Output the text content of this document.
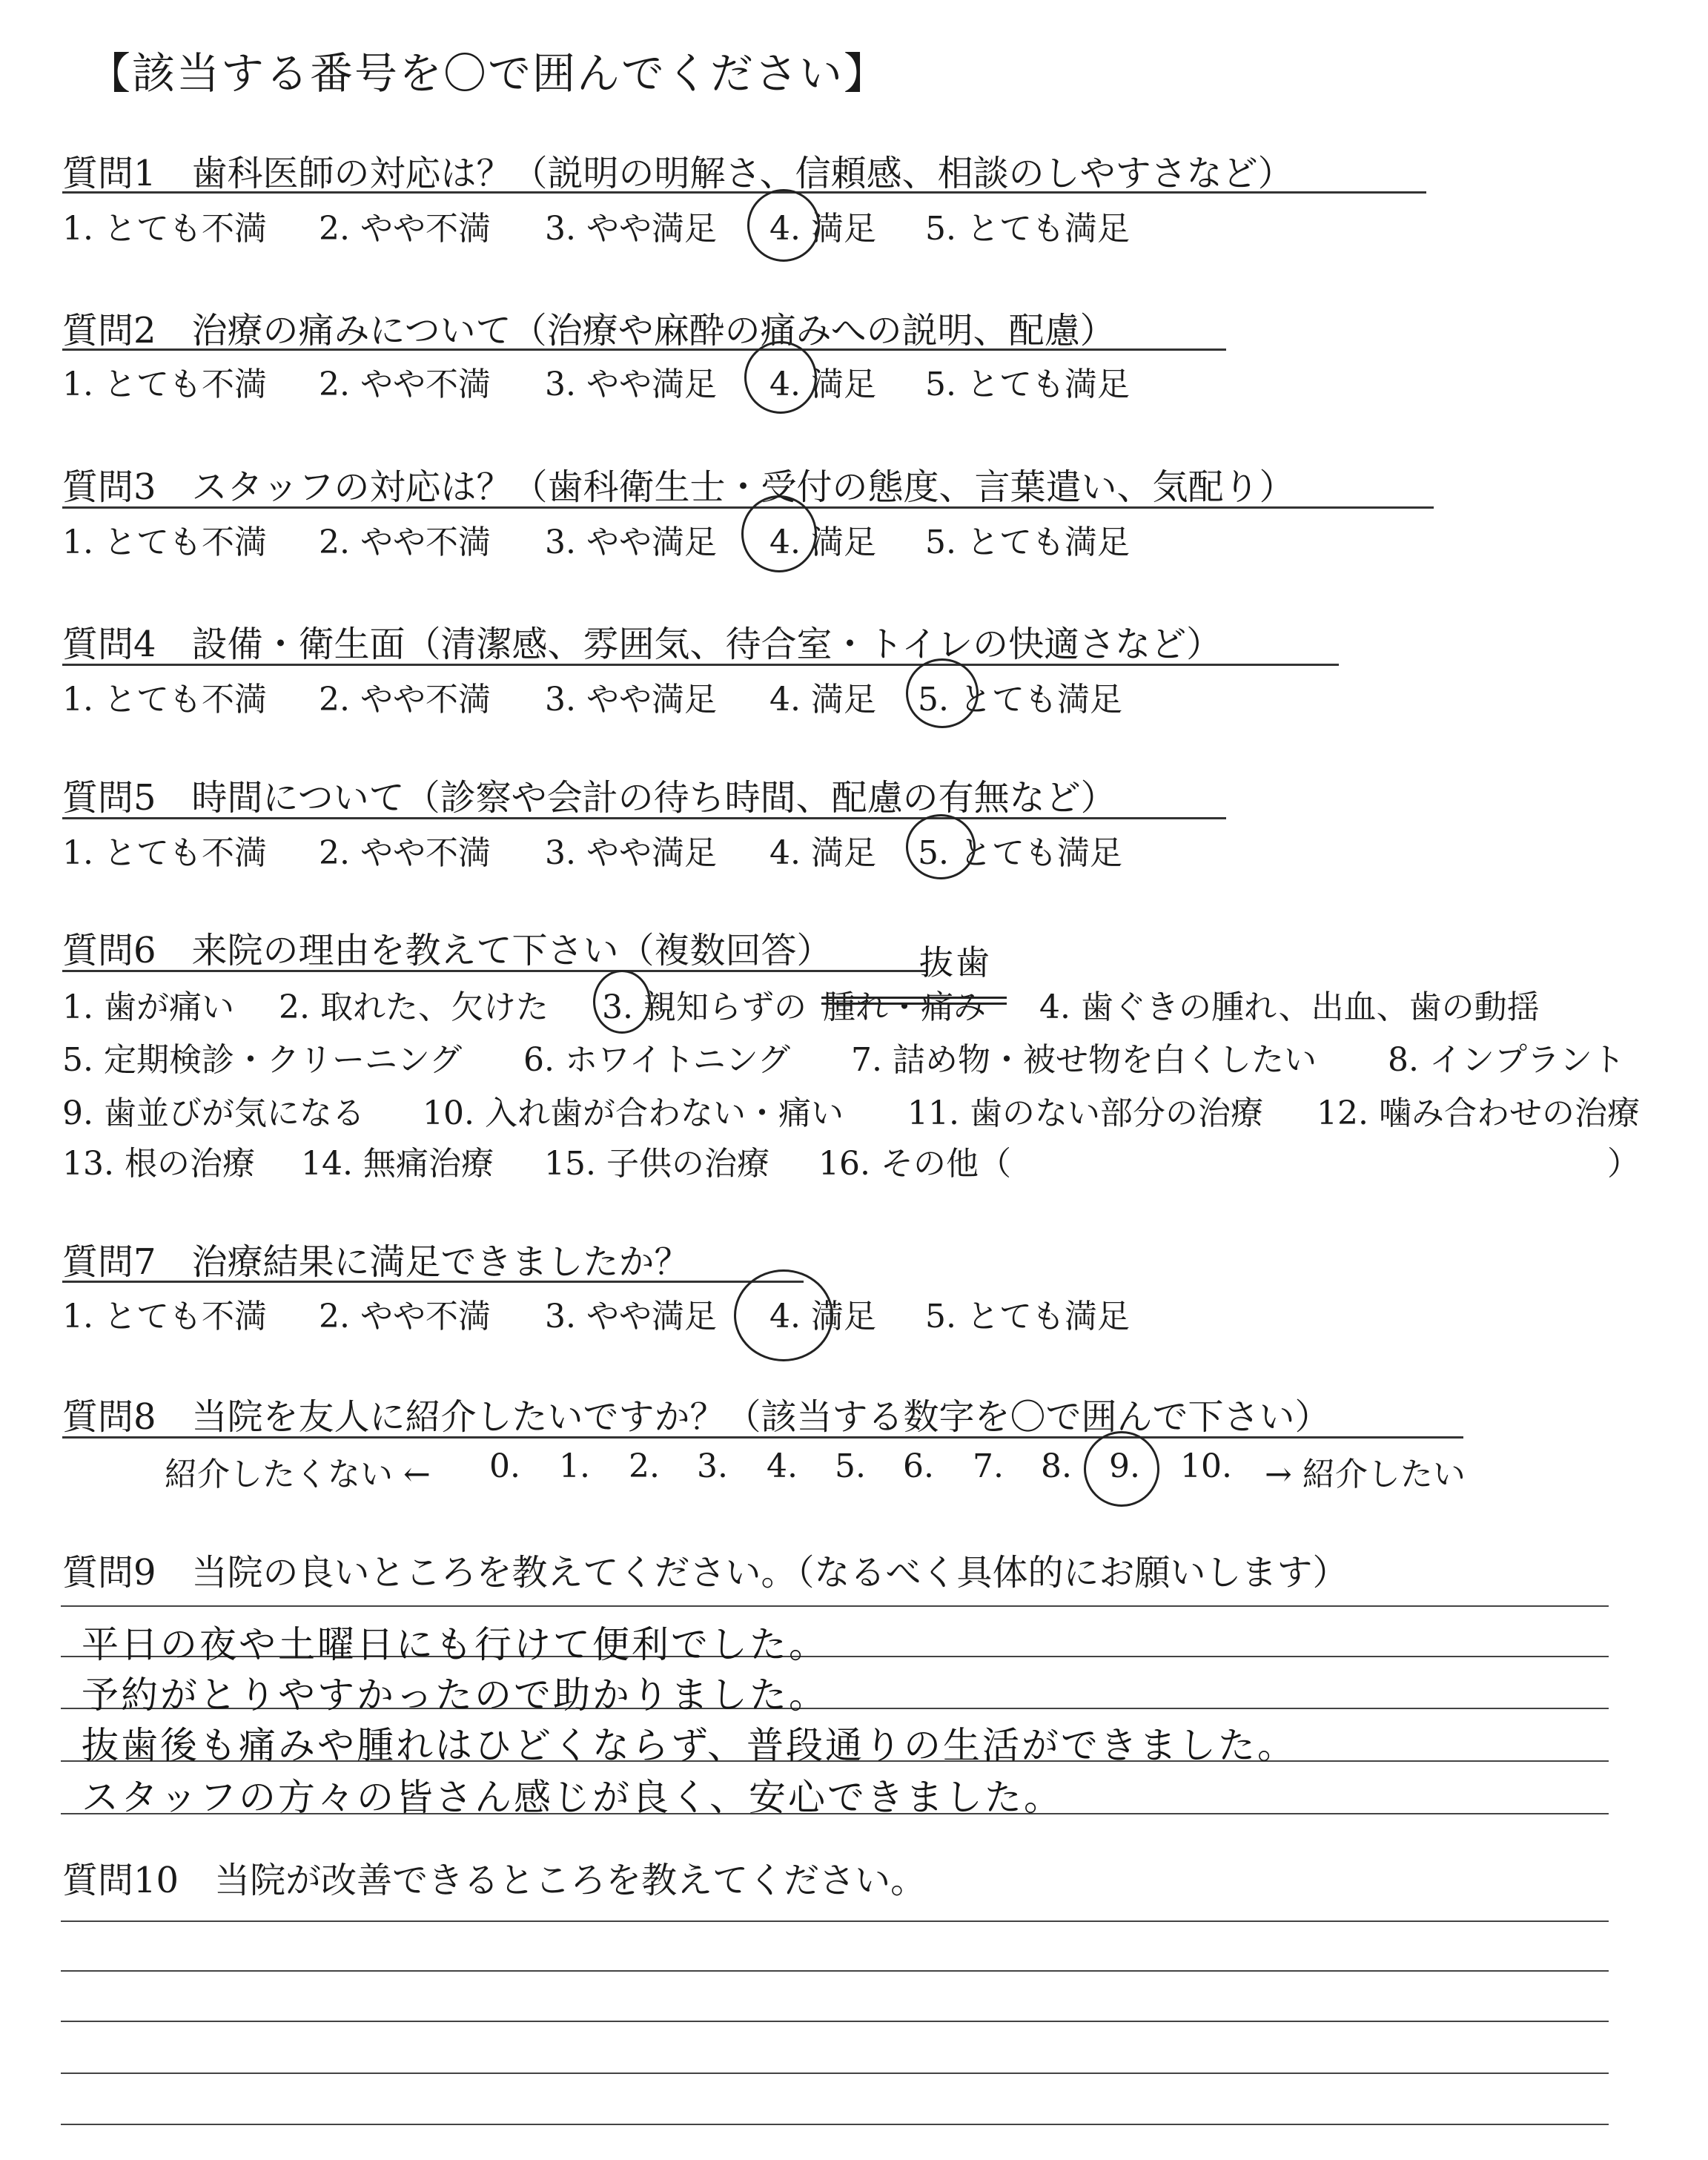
【該当する番号を〇で囲んでください】
質問1　歯科医師の対応は？（説明の明解さ、信頼感、相談のしやすさなど）
1. とても不満 2. やや不満 3. やや満足 4. 満足 5. とても満足
質問2　治療の痛みについて（治療や麻酔の痛みへの説明、配慮）
1. とても不満 2. やや不満 3. やや満足 4. 満足 5. とても満足
質問3　スタッフの対応は？（歯科衛生士・受付の態度、言葉遣い、気配り）
1. とても不満 2. やや不満 3. やや満足 4. 満足 5. とても満足
質問4　設備・衛生面（清潔感、雰囲気、待合室・トイレの快適さなど）
1. とても不満 2. やや不満 3. やや満足 4. 満足 5. とても満足
質問5　時間について（診察や会計の待ち時間、配慮の有無など）
1. とても不満 2. やや不満 3. やや満足 4. 満足 5. とても満足
質問6　来院の理由を教えて下さい（複数回答）	抜歯
1. 歯が痛い 2. 取れた、欠けた 3. 親知らずの 腫れ・痛み 4. 歯ぐきの腫れ、出血、歯の動揺
5. 定期検診・クリーニング 6. ホワイトニング 7. 詰め物・被せ物を白くしたい 8. インプラント
9. 歯並びが気になる 10. 入れ歯が合わない・痛い 11. 歯のない部分の治療 12. 噛み合わせの治療
13. 根の治療 14. 無痛治療 15. 子供の治療 16. その他（	）
質問7　治療結果に満足できましたか？
1. とても不満 2. やや不満 3. やや満足 4. 満足 5. とても満足
質問8　当院を友人に紹介したいですか？（該当する数字を〇で囲んで下さい）
紹介したくない ← 0. 1. 2. 3. 4. 5. 6. 7. 8. 9. 10. → 紹介したい
質問9　当院の良いところを教えてください。（なるべく具体的にお願いします）
平日の夜や土曜日にも行けて便利でした。
予約がとりやすかったので助かりました。
抜歯後も痛みや腫れはひどくならず、普段通りの生活ができました。
スタッフの方々の皆さん感じが良く、安心できました。
質問10　当院が改善できるところを教えてください。
